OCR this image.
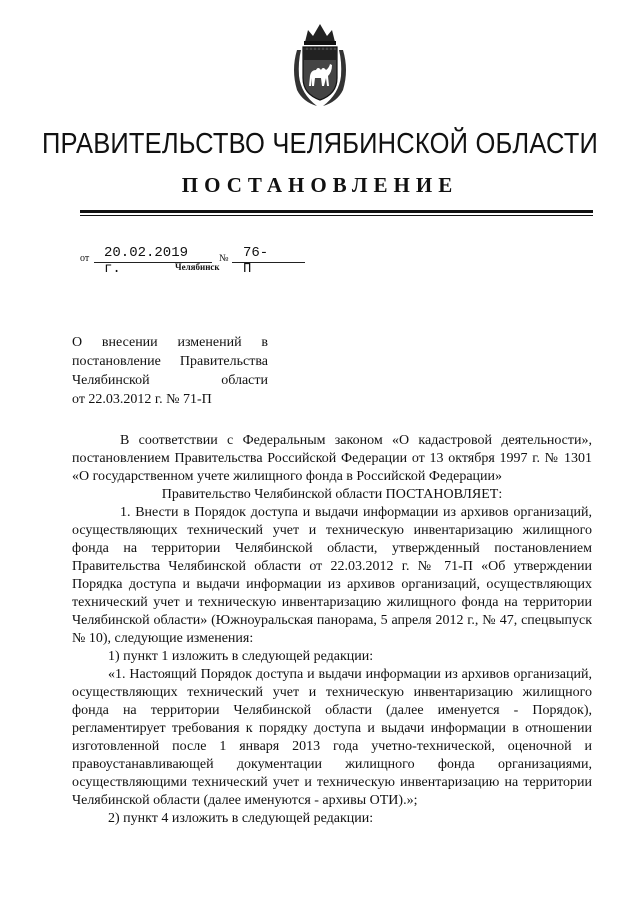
ПРАВИТЕЛЬСТВО ЧЕЛЯБИНСКОЙ ОБЛАСТИ
ПОСТАНОВЛЕНИЕ
от 20.02.2019 г.
№ 76-П
Челябинск
О внесении изменений в
постановление Правительства
Челябинской области
от 22.03.2012 г. № 71-П

В соответствии с Федеральным законом «О кадастровой деятельности», постановлением Правительства Российской Федерации от 13 октября 1997 г. № 1301 «О государственном учете жилищного фонда в Российской Федерации»

Правительство Челябинской области ПОСТАНОВЛЯЕТ:

1. Внести в Порядок доступа и выдачи информации из архивов организаций, осуществляющих технический учет и техническую инвентаризацию жилищного фонда на территории Челябинской области, утвержденный постановлением Правительства Челябинской области от 22.03.2012 г. № 71-П «Об утверждении Порядка доступа и выдачи информации из архивов организаций, осуществляющих технический учет и техническую инвентаризацию жилищного фонда на территории Челябинской области» (Южноуральская панорама, 5 апреля 2012 г., № 47, спецвыпуск № 10), следующие изменения:

1) пункт 1 изложить в следующей редакции:

«1. Настоящий Порядок доступа и выдачи информации из архивов организаций, осуществляющих технический учет и техническую инвентаризацию жилищного фонда на территории Челябинской области (далее именуется - Порядок), регламентирует требования к порядку доступа и выдачи информации в отношении изготовленной после 1 января 2013 года учетно-технической, оценочной и правоустанавливающей документации жилищного фонда организациями, осуществляющими технический учет и техническую инвентаризацию на территории Челябинской области (далее именуются - архивы ОТИ).»;

2) пункт 4 изложить в следующей редакции:
